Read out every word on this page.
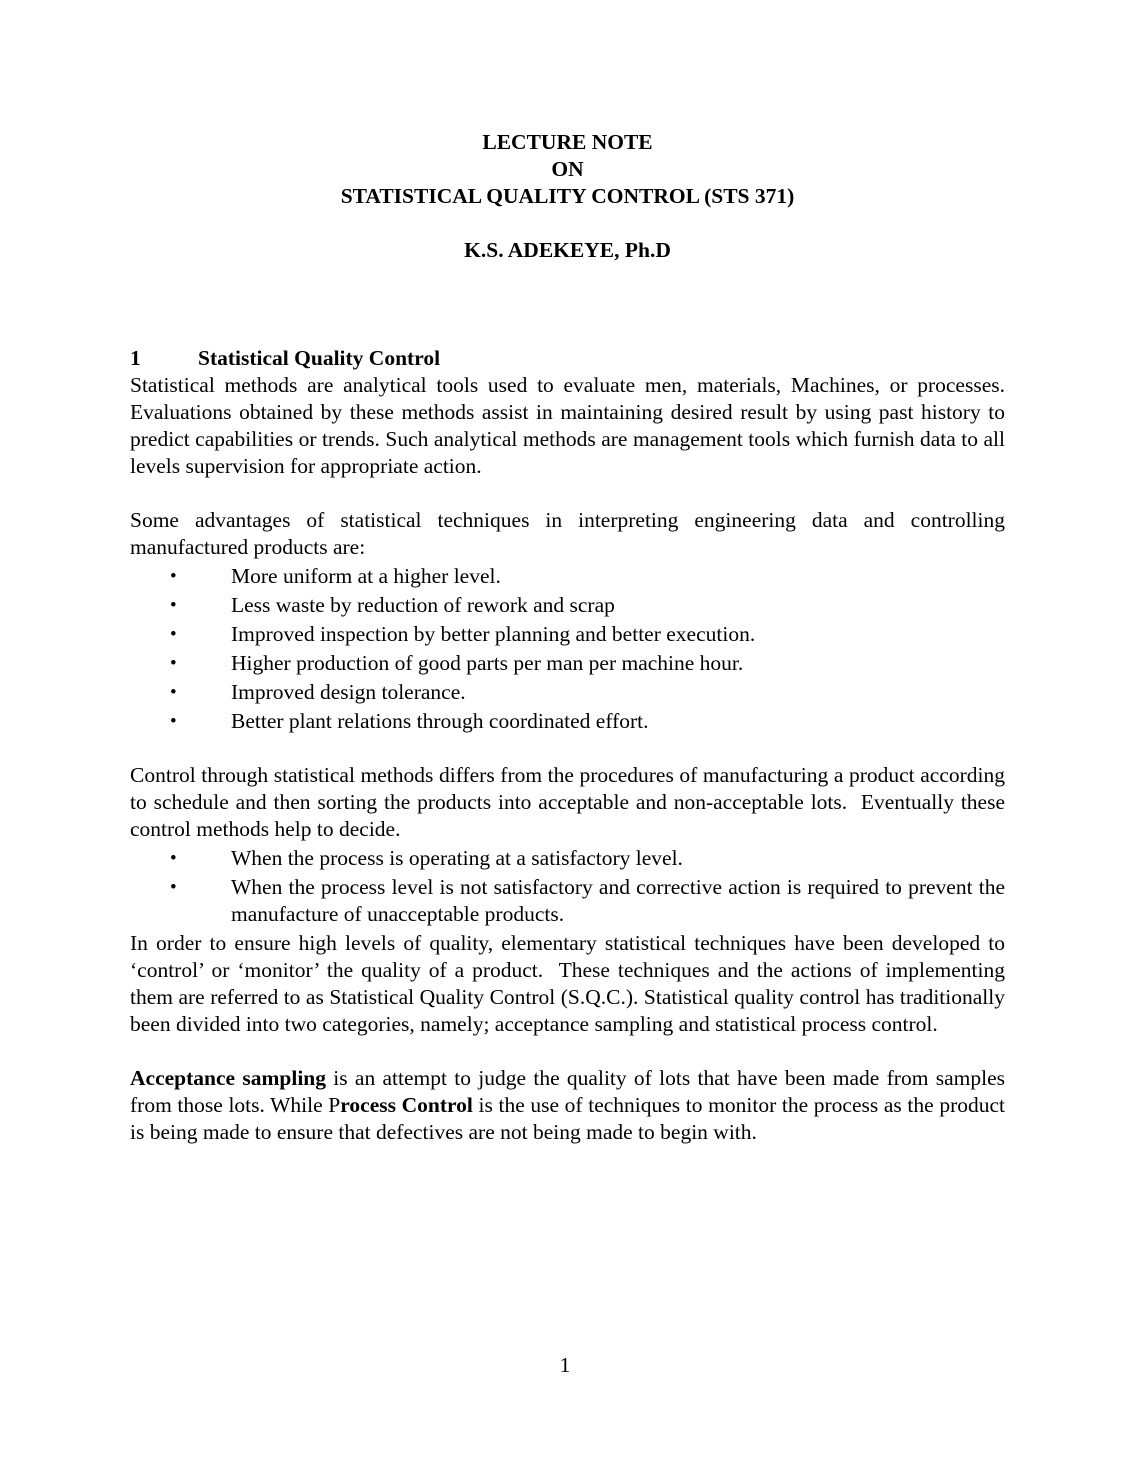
LECTURE NOTE

ON

STATISTICAL QUALITY CONTROL (STS 371)

K.S. ADEKEYE, Ph.D

1	Statistical Quality Control

Statistical methods are analytical tools used to evaluate men, materials, Machines, or processes. Evaluations obtained by these methods assist in maintaining desired result by using past history to predict capabilities or trends. Such analytical methods are management tools which furnish data to all levels supervision for appropriate action.

Some advantages of statistical techniques in interpreting engineering data and controlling manufactured products are:

•	More uniform at a higher level.
•	Less waste by reduction of rework and scrap
•	Improved inspection by better planning and better execution.
•	Higher production of good parts per man per machine hour.
•	Improved design tolerance.
•	Better plant relations through coordinated effort.

Control through statistical methods differs from the procedures of manufacturing a product according to schedule and then sorting the products into acceptable and non-acceptable lots.  Eventually these control methods help to decide.

•	When the process is operating at a satisfactory level.
•	When the process level is not satisfactory and corrective action is required to prevent the manufacture of unacceptable products.

In order to ensure high levels of quality, elementary statistical techniques have been developed to ‘control’ or ‘monitor’ the quality of a product.  These techniques and the actions of implementing them are referred to as Statistical Quality Control (S.Q.C.). Statistical quality control has traditionally been divided into two categories, namely; acceptance sampling and statistical process control.

Acceptance sampling is an attempt to judge the quality of lots that have been made from samples from those lots. While Process Control is the use of techniques to monitor the process as the product is being made to ensure that defectives are not being made to begin with.

1
